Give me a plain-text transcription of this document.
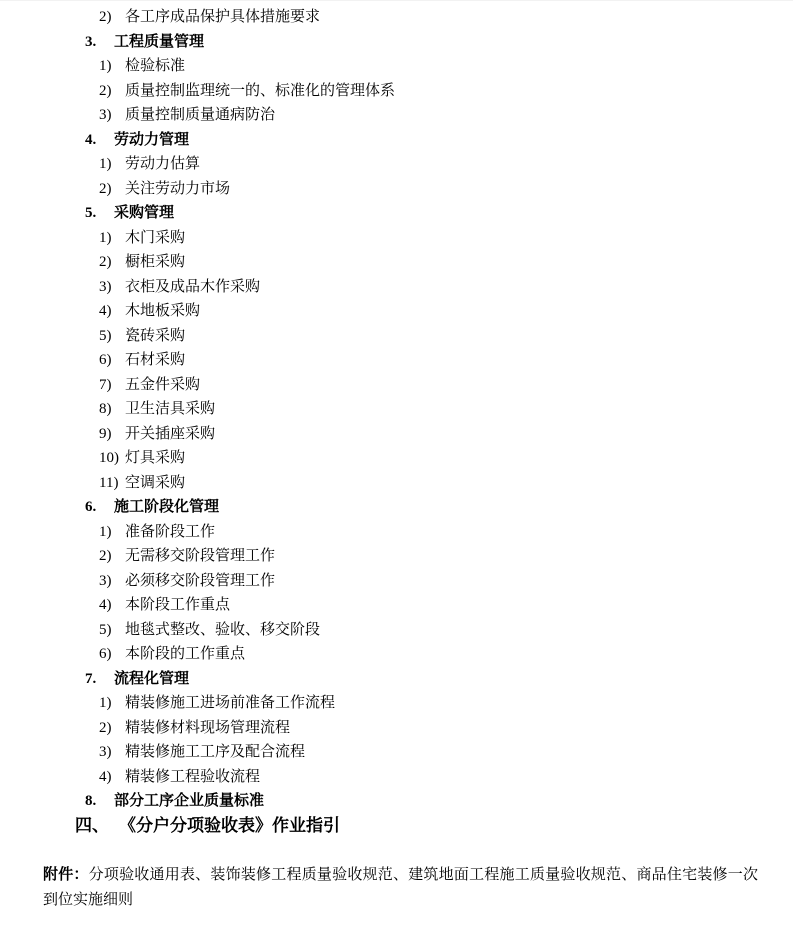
2) 各工序成品保护具体措施要求
3.	工程质量管理
1) 检验标准
2) 质量控制监理统一的、标准化的管理体系
3) 质量控制质量通病防治
4.	劳动力管理
1) 劳动力估算
2) 关注劳动力市场
5.	采购管理
1) 木门采购
2) 橱柜采购
3) 衣柜及成品木作采购
4) 木地板采购
5) 瓷砖采购
6) 石材采购
7) 五金件采购
8) 卫生洁具采购
9) 开关插座采购
10) 灯具采购
11) 空调采购
6.	施工阶段化管理
1) 准备阶段工作
2) 无需移交阶段管理工作
3) 必须移交阶段管理工作
4) 本阶段工作重点
5) 地毯式整改、验收、移交阶段
6) 本阶段的工作重点
7.	流程化管理
1) 精装修施工进场前准备工作流程
2) 精装修材料现场管理流程
3) 精装修施工工序及配合流程
4) 精装修工程验收流程
8.	部分工序企业质量标准
四、 《分户分项验收表》作业指引

附件：分项验收通用表、装饰装修工程质量验收规范、建筑地面工程施工质量验收规范、商品住宅装修一次到位实施细则
